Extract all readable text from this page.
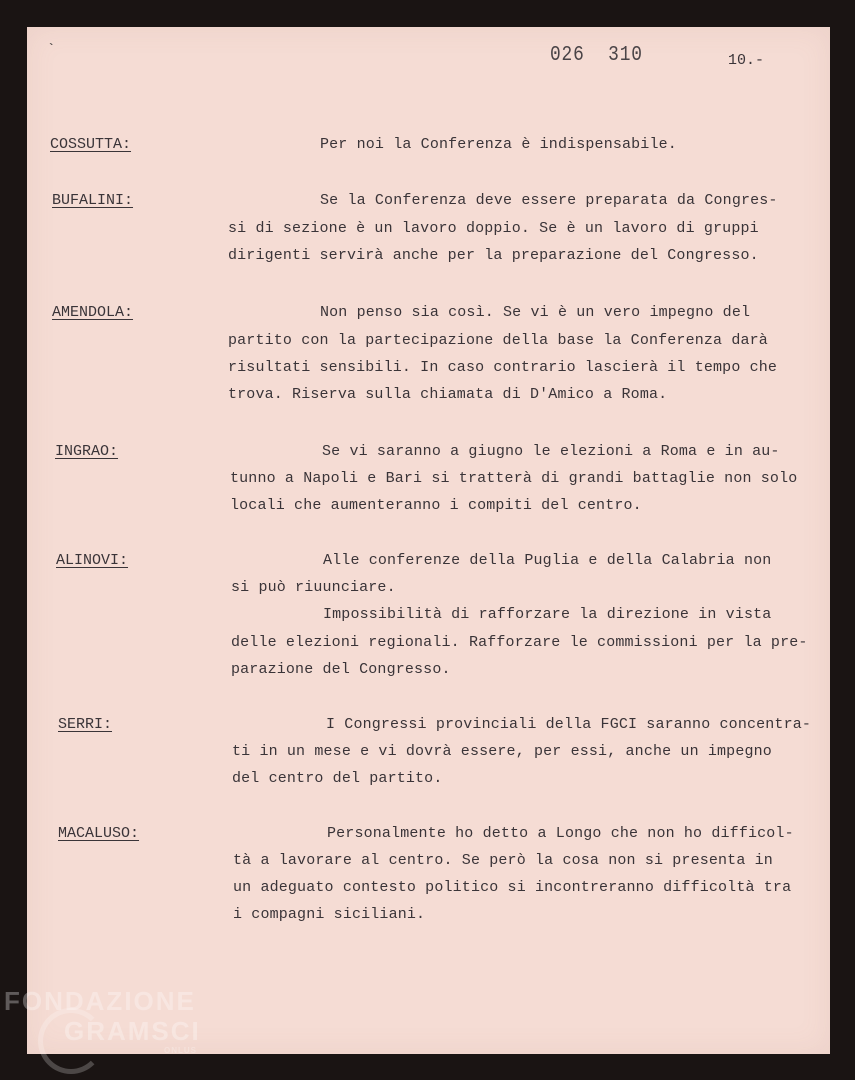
`	026 310	10.-
COSSUTTA:	Per noi la Conferenza è indispensabile.
BUFALINI:	Se la Conferenza deve essere preparata da Congres-
si di sezione è un lavoro doppio. Se è un lavoro di gruppi
dirigenti servirà anche per la preparazione del Congresso.
AMENDOLA:	Non penso sia così. Se vi è un vero impegno del
partito con la partecipazione della base la Conferenza darà
risultati sensibili. In caso contrario lascierà il tempo che
trova. Riserva sulla chiamata di D'Amico a Roma.
INGRAO:	Se vi saranno a giugno le elezioni a Roma e in au-
tunno a Napoli e Bari si tratterà di grandi battaglie non solo
locali che aumenteranno i compiti del centro.
ALINOVI:	Alle conferenze della Puglia e della Calabria non
si può riuunciare.
Impossibilità di rafforzare la direzione in vista
delle elezioni regionali. Rafforzare le commissioni per la pre-
parazione del Congresso.
SERRI:	I Congressi provinciali della FGCI saranno concentra-
ti in un mese e vi dovrà essere, per essi, anche un impegno
del centro del partito.
MACALUSO:	Personalmente ho detto a Longo che non ho difficol-
tà a lavorare al centro. Se però la cosa non si presenta in
un adeguato contesto politico si incontreranno difficoltà tra
i compagni siciliani.
FONDAZIONE
GRAMSCI
ONLUS
